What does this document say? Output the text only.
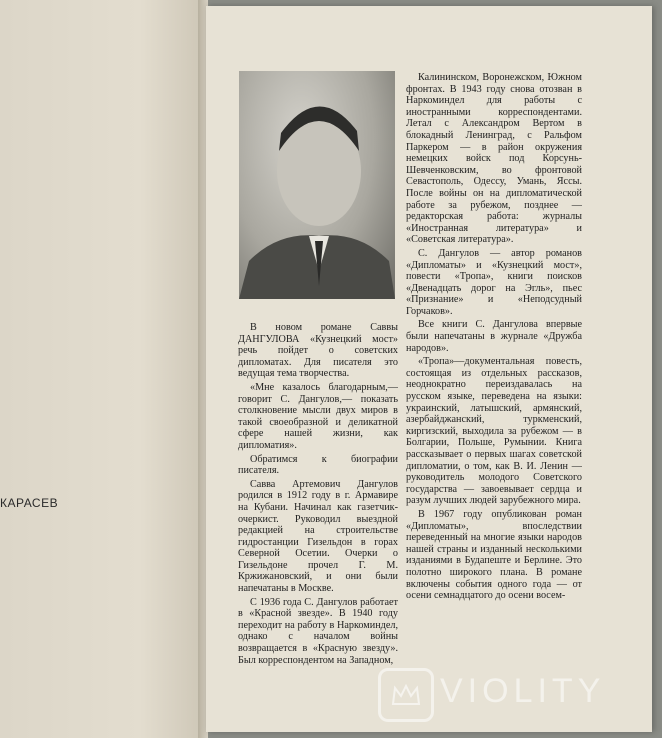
КАРАСЕВ

В новом романе Саввы ДАНГУЛОВА «Кузнецкий мост» речь пойдет о советских дипломатах. Для писателя это ведущая тема творчества.

«Мне казалось благодарным,— говорит С. Дангулов,— показать столкновение мысли двух миров в такой своеобразной и деликатной сфере нашей жизни, как дипломатия».

Обратимся к биографии писателя.

Савва Артемович Дангулов родился в 1912 году в г. Армавире на Кубани. Начинал как газетчик-очеркист. Руководил выездной редакцией на строительстве гидростанции Гизельдон в горах Северной Осетии. Очерки о Гизельдоне прочел Г. М. Кржижановский, и они были напечатаны в Москве.

С 1936 года С. Дангулов работает в «Красной звезде». В 1940 году переходит на работу в Наркоминдел, однако с началом войны возвращается в «Красную звезду». Был корреспондентом на Западном,

Калининском, Воронежском, Южном фронтах. В 1943 году снова отозван в Наркоминдел для работы с иностранными корреспондентами. Летал с Александром Вертом в блокадный Ленинград, с Ральфом Паркером — в район окружения немецких войск под Корсунь-Шевченковским, во фронтовой Севастополь, Одессу, Умань, Яссы. После войны он на дипломатической работе за рубежом, позднее — редакторская работа: журналы «Иностранная литература» и «Советская литература».

С. Дангулов — автор романов «Дипломаты» и «Кузнецкий мост», повести «Тропа», книги поисков «Двенадцать дорог на Эгль», пьес «Признание» и «Неподсудный Горчаков».

Все книги С. Дангулова впервые были напечатаны в журнале «Дружба народов».

«Тропа»—документальная повесть, состоящая из отдельных рассказов, неоднократно переиздавалась на русском языке, переведена на языки: украинский, латышский, армянский, азербайджанский, туркменский, киргизский, выходила за рубежом — в Болгарии, Польше, Румынии. Книга рассказывает о первых шагах советской дипломатии, о том, как В. И. Ленин — руководитель молодого Советского государства — завоевывает сердца и разум лучших людей зарубежного мира.

В 1967 году опубликован роман «Дипломаты», впоследствии переведенный на многие языки народов нашей страны и изданный несколькими изданиями в Будапеште и Берлине. Это полотно широкого плана. В романе включены события одного года — от осени семнадцатого до осени восем-

VIOLITY
